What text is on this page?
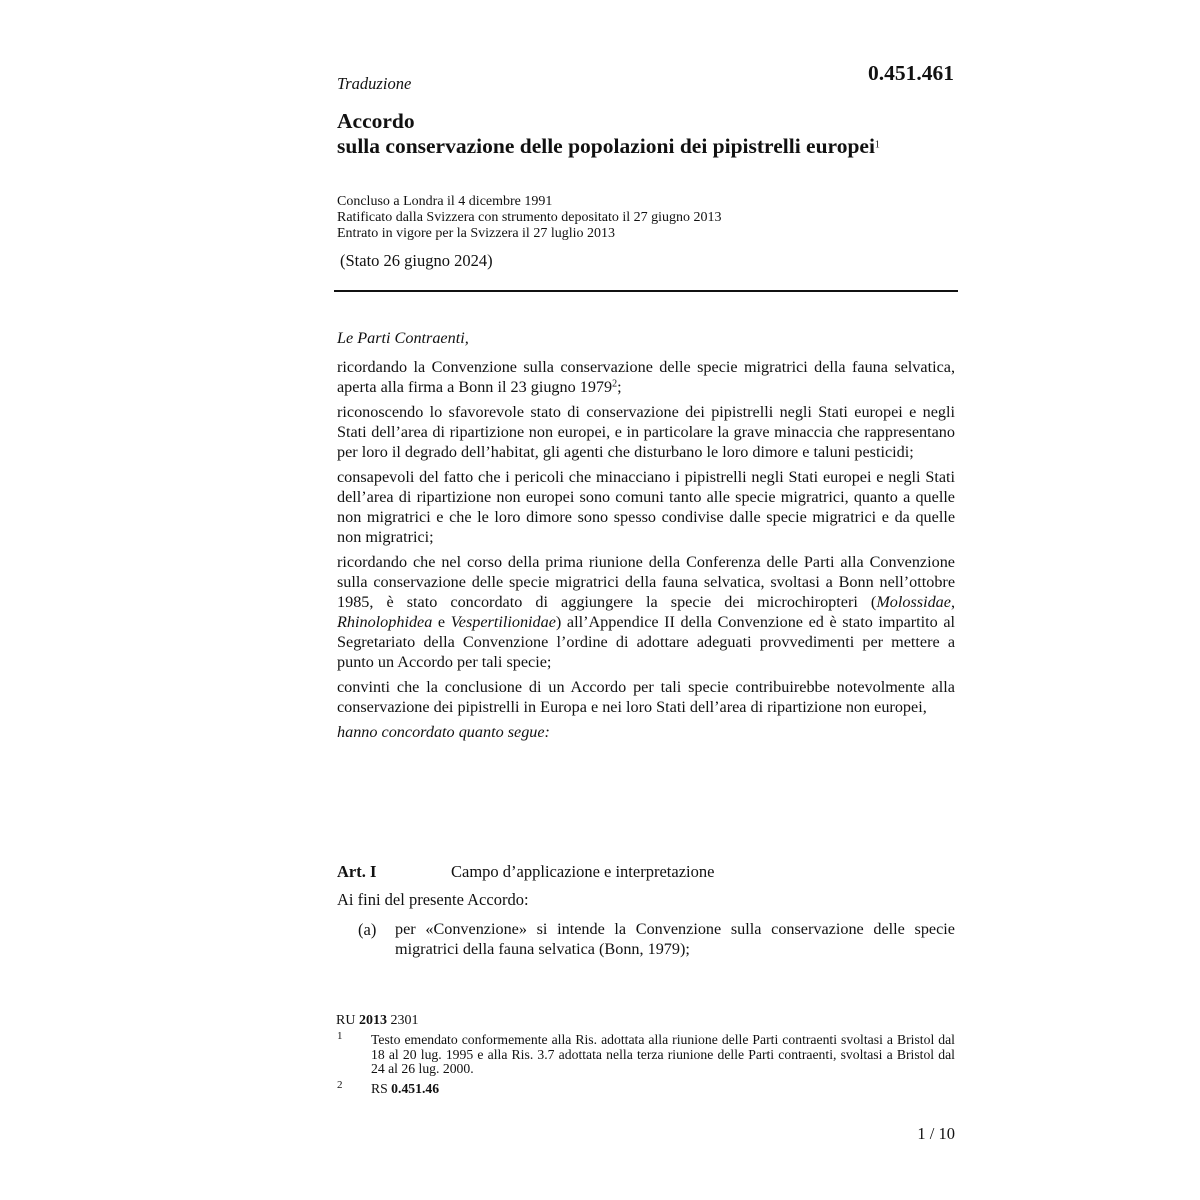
Traduzione	0.451.461
Accordo
sulla conservazione delle popolazioni dei pipistrelli europei$^1$
Concluso a Londra il 4 dicembre 1991
Ratificato dalla Svizzera con strumento depositato il 27 giugno 2013
Entrato in vigore per la Svizzera il 27 luglio 2013
(Stato 26 giugno 2024)
Le Parti Contraenti,
ricordando la Convenzione sulla conservazione delle specie migratrici della fauna selvatica, aperta alla firma a Bonn il 23 giugno 1979$^2$;
riconoscendo lo sfavorevole stato di conservazione dei pipistrelli negli Stati europei e negli Stati dell’area di ripartizione non europei, e in particolare la grave minaccia che rappresentano per loro il degrado dell’habitat, gli agenti che disturbano le loro dimore e taluni pesticidi;
consapevoli del fatto che i pericoli che minacciano i pipistrelli negli Stati europei e negli Stati dell’area di ripartizione non europei sono comuni tanto alle specie migratrici, quanto a quelle non migratrici e che le loro dimore sono spesso condivise dalle specie migratrici e da quelle non migratrici;
ricordando che nel corso della prima riunione della Conferenza delle Parti alla Convenzione sulla conservazione delle specie migratrici della fauna selvatica, svoltasi a Bonn nell’ottobre 1985, è stato concordato di aggiungere la specie dei microchiropteri (Molossidae, Rhinolophidea e Vespertilionidae) all’Appendice II della Convenzione ed è stato impartito al Segretariato della Convenzione l’ordine di adottare adeguati provvedimenti per mettere a punto un Accordo per tali specie;
convinti che la conclusione di un Accordo per tali specie contribuirebbe notevolmente alla conservazione dei pipistrelli in Europa e nei loro Stati dell’area di ripartizione non europei,
hanno concordato quanto segue:
Art. I	Campo d’applicazione e interpretazione
Ai fini del presente Accordo:
(a) per «Convenzione» si intende la Convenzione sulla conservazione delle specie migratrici della fauna selvatica (Bonn, 1979);
RU 2013 2301
1 Testo emendato conformemente alla Ris. adottata alla riunione delle Parti contraenti svoltasi a Bristol dal 18 al 20 lug. 1995 e alla Ris. 3.7 adottata nella terza riunione delle Parti contraenti, svoltasi a Bristol dal 24 al 26 lug. 2000.
2 RS 0.451.46
1 / 10
